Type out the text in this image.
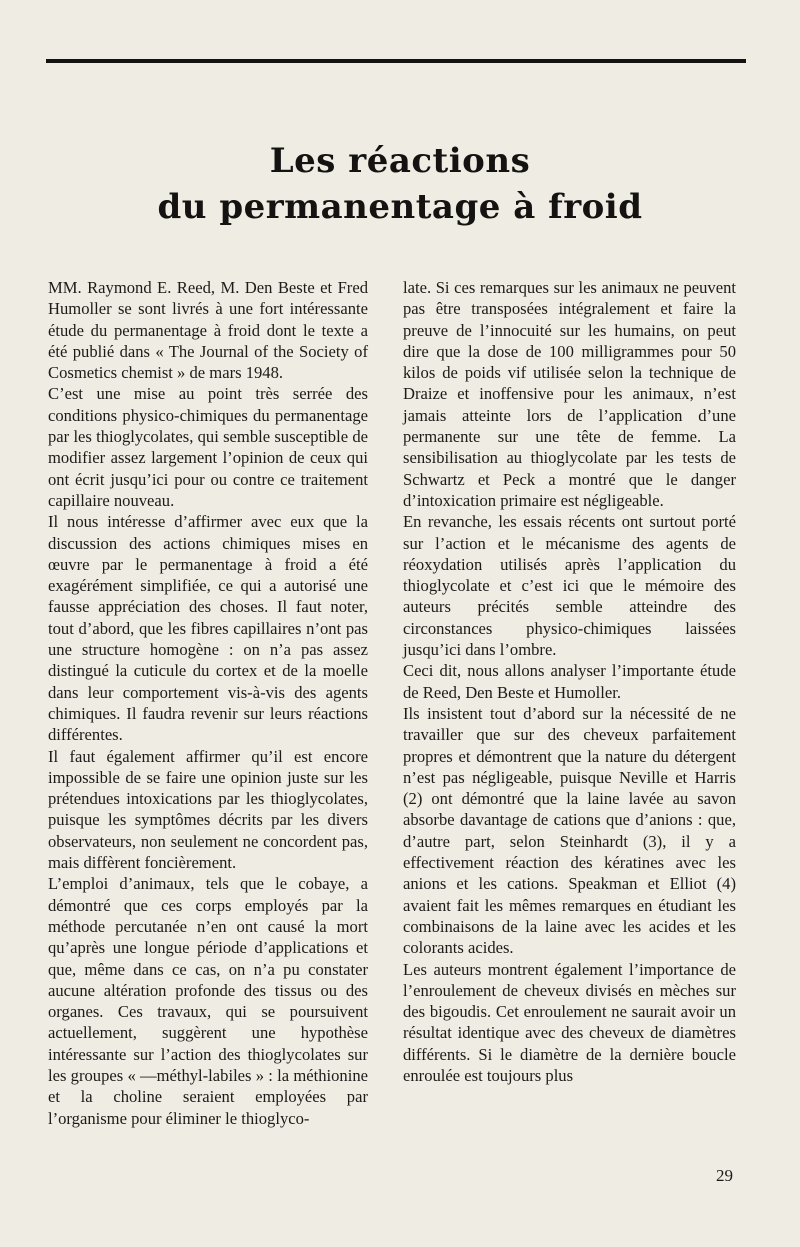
Les réactions
du permanentage à froid

MM. Raymond E. Reed, M. Den Beste et Fred Humoller se sont livrés à une fort intéressante étude du permanentage à froid dont le texte a été publié dans « The Journal of the Society of Cosmetics chemist » de mars 1948.

C’est une mise au point très serrée des conditions physico-chimiques du permanentage par les thioglycolates, qui semble susceptible de modifier assez largement l’opinion de ceux qui ont écrit jusqu’ici pour ou contre ce traitement capillaire nouveau.

Il nous intéresse d’affirmer avec eux que la discussion des actions chimiques mises en œuvre par le permanentage à froid a été exagérément simplifiée, ce qui a autorisé une fausse appréciation des choses. Il faut noter, tout d’abord, que les fibres capillaires n’ont pas une structure homogène : on n’a pas assez distingué la cuticule du cortex et de la moelle dans leur comportement vis-à-vis des agents chimiques. Il faudra revenir sur leurs réactions différentes.

Il faut également affirmer qu’il est encore impossible de se faire une opinion juste sur les prétendues intoxications par les thioglycolates, puisque les symptômes décrits par les divers observateurs, non seulement ne concordent pas, mais diffèrent foncièrement.

L’emploi d’animaux, tels que le cobaye, a démontré que ces corps employés par la méthode percutanée n’en ont causé la mort qu’après une longue période d’applications et que, même dans ce cas, on n’a pu constater aucune altération profonde des tissus ou des organes. Ces travaux, qui se poursuivent actuellement, suggèrent une hypothèse intéressante sur l’action des thioglycolates sur les groupes « —méthyl-labiles » : la méthionine et la choline seraient employées par l’organisme pour éliminer le thioglyco-

late. Si ces remarques sur les animaux ne peuvent pas être transposées intégralement et faire la preuve de l’innocuité sur les humains, on peut dire que la dose de 100 milligrammes pour 50 kilos de poids vif utilisée selon la technique de Draize et inoffensive pour les animaux, n’est jamais atteinte lors de l’application d’une permanente sur une tête de femme. La sensibilisation au thioglycolate par les tests de Schwartz et Peck a montré que le danger d’intoxication primaire est négligeable.

En revanche, les essais récents ont surtout porté sur l’action et le mécanisme des agents de réoxydation utilisés après l’application du thioglycolate et c’est ici que le mémoire des auteurs précités semble atteindre des circonstances physico-chimiques laissées jusqu’ici dans l’ombre.

Ceci dit, nous allons analyser l’importante étude de Reed, Den Beste et Humoller.

Ils insistent tout d’abord sur la nécessité de ne travailler que sur des cheveux parfaitement propres et démontrent que la nature du détergent n’est pas négligeable, puisque Neville et Harris (2) ont démontré que la laine lavée au savon absorbe davantage de cations que d’anions : que, d’autre part, selon Steinhardt (3), il y a effectivement réaction des kératines avec les anions et les cations. Speakman et Elliot (4) avaient fait les mêmes remarques en étudiant les combinaisons de la laine avec les acides et les colorants acides.

Les auteurs montrent également l’importance de l’enroulement de cheveux divisés en mèches sur des bigoudis. Cet enroulement ne saurait avoir un résultat identique avec des cheveux de diamètres différents. Si le diamètre de la dernière boucle enroulée est toujours plus

29
